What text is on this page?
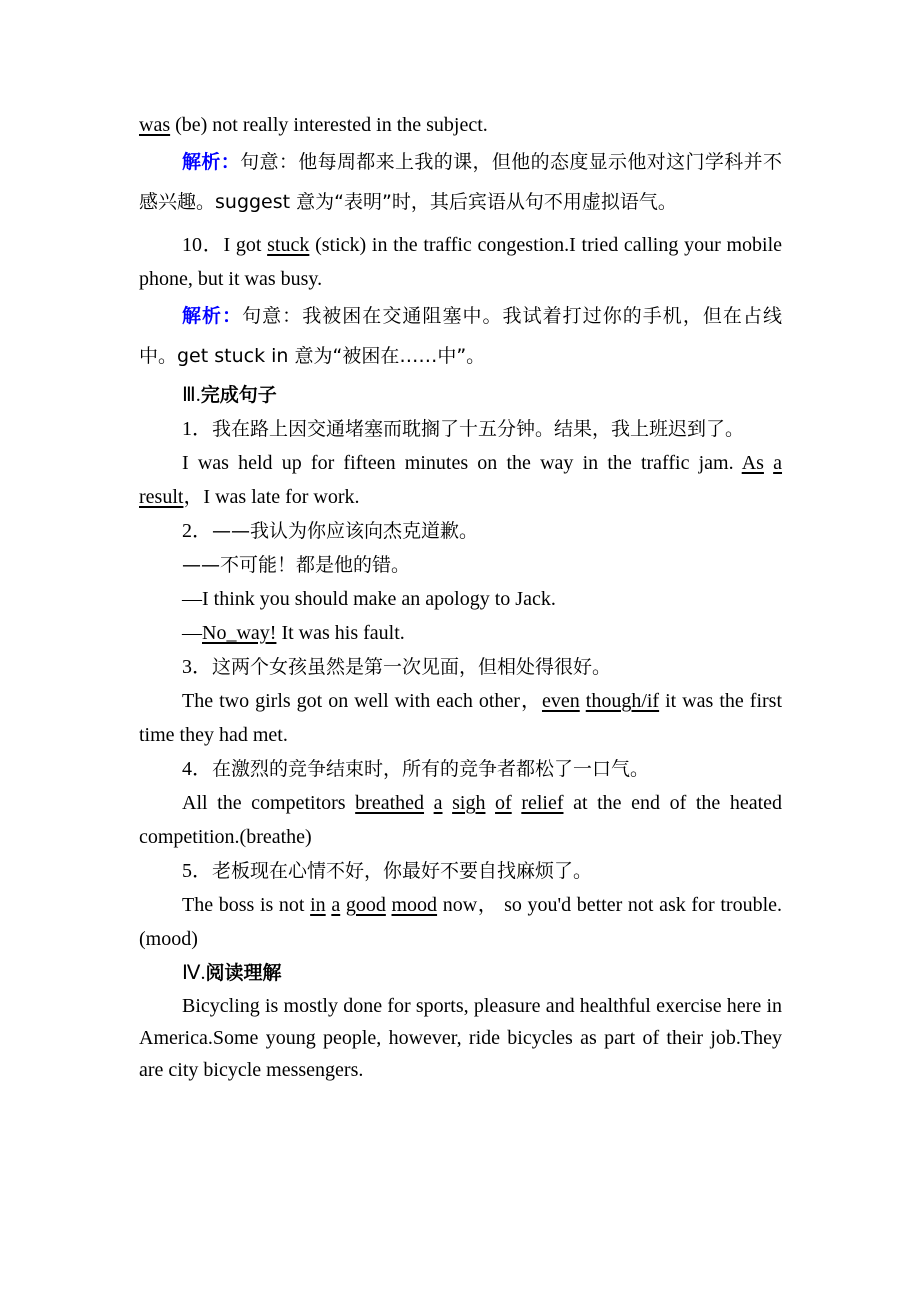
was (be) not really interested in the subject.

解析：句意：他每周都来上我的课，但他的态度显示他对这门学科并不感兴趣。suggest 意为“表明”时，其后宾语从句不用虚拟语气。

10．I got stuck (stick) in the traffic congestion.I tried calling your mobile phone, but it was busy.

解析：句意：我被困在交通阻塞中。我试着打过你的手机，但在占线中。get stuck in 意为“被困在……中”。

Ⅲ.完成句子

1．我在路上因交通堵塞而耽搁了十五分钟。结果，我上班迟到了。

I was held up for fifteen minutes on the way in the traffic jam. As a result，I was late for work.

2．——我认为你应该向杰克道歉。

——不可能！都是他的错。

—I think you should make an apology to Jack.

—No_way! It was his fault.

3．这两个女孩虽然是第一次见面，但相处得很好。

The two girls got on well with each other，even though/if it was the first time they had met.

4．在激烈的竞争结束时，所有的竞争者都松了一口气。

All the competitors breathed a sigh of relief at the end of the heated competition.(breathe)

5．老板现在心情不好，你最好不要自找麻烦了。

The boss is not in a good mood now， so you'd better not ask for trouble.(mood)

Ⅳ.阅读理解

Bicycling is mostly done for sports, pleasure and healthful exercise here in America.Some young people, however, ride bicycles as part of their job.They are city bicycle messengers.
